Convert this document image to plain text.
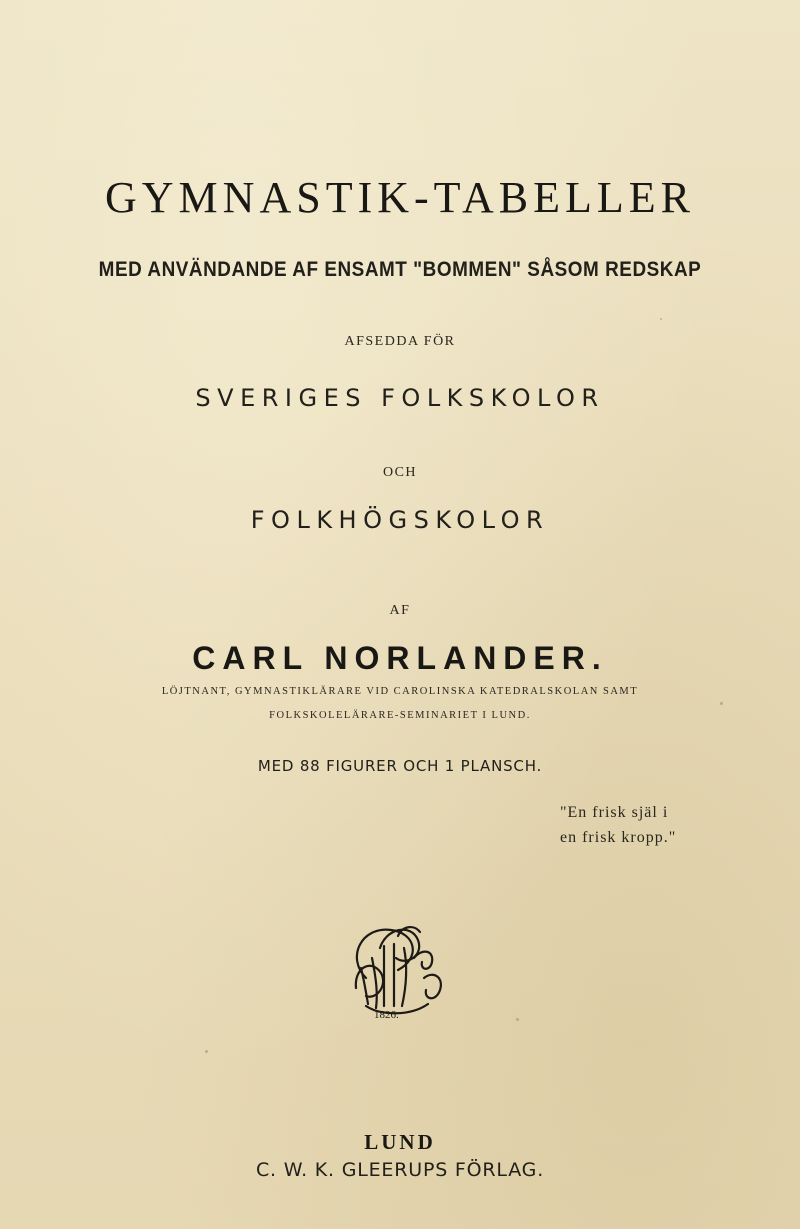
GYMNASTIK-TABELLER
MED ANVÄNDANDE AF ENSAMT "BOMMEN" SÅSOM REDSKAP
AFSEDDA FÖR
SVERIGES FOLKSKOLOR
OCH
FOLKHÖGSKOLOR
AF
CARL NORLANDER.
LÖJTNANT, GYMNASTIKLÄRARE VID CAROLINSKA KATEDRALSKOLAN SAMT
FOLKSKOLELÄRARE-SEMINARIET I LUND.
MED 88 FIGURER OCH 1 PLANSCH.
"En frisk själ i
en frisk kropp."
1826.
LUND
C. W. K. GLEERUPS FÖRLAG.
